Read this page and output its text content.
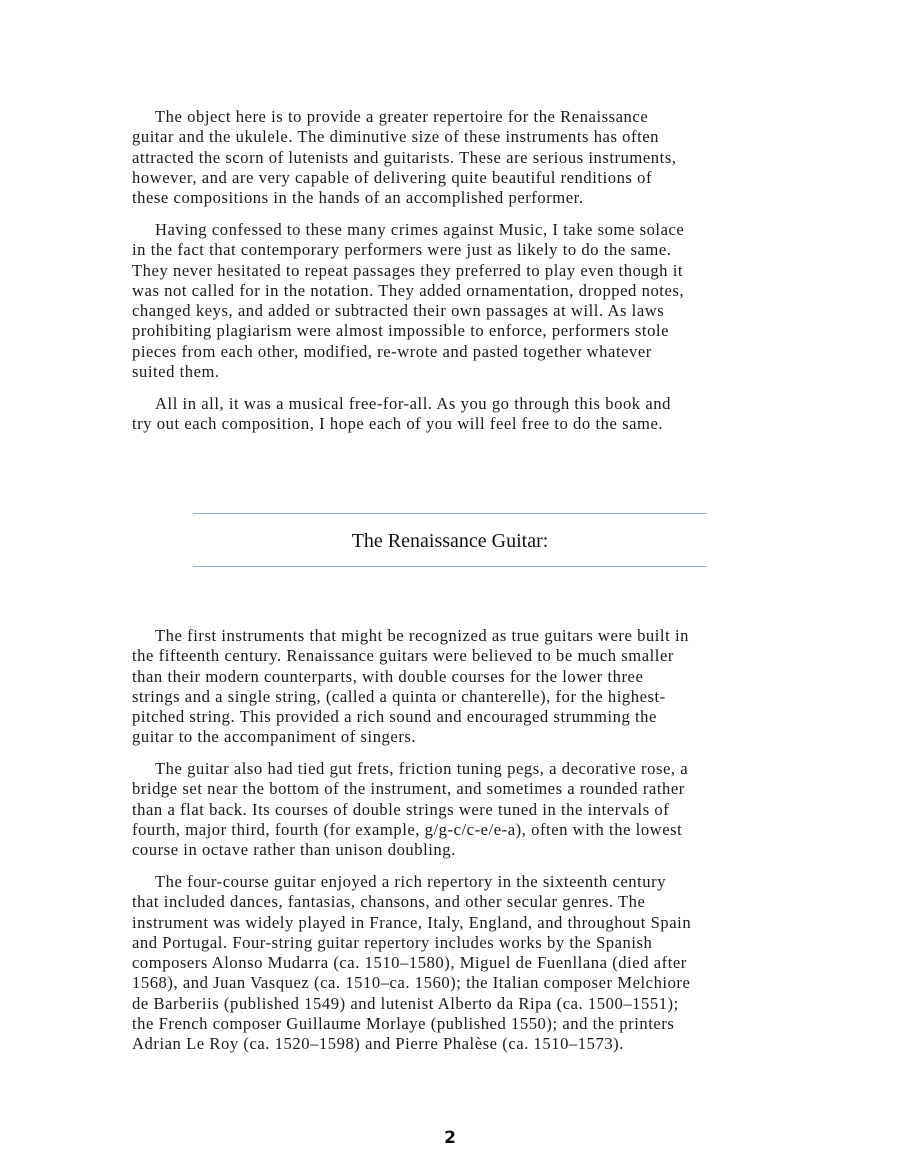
The object here is to provide a greater repertoire for the Renaissance
guitar and the ukulele. The diminutive size of these instruments has often
attracted the scorn of lutenists and guitarists. These are serious instruments,
however, and are very capable of delivering quite beautiful renditions of
these compositions in the hands of an accomplished performer.

Having confessed to these many crimes against Music, I take some solace
in the fact that contemporary performers were just as likely to do the same.
They never hesitated to repeat passages they preferred to play even though it
was not called for in the notation. They added ornamentation, dropped notes,
changed keys, and added or subtracted their own passages at will. As laws
prohibiting plagiarism were almost impossible to enforce, performers stole
pieces from each other, modified, re-wrote and pasted together whatever
suited them.

All in all, it was a musical free-for-all. As you go through this book and
try out each composition, I hope each of you will feel free to do the same.

The Renaissance Guitar:

The first instruments that might be recognized as true guitars were built in
the fifteenth century. Renaissance guitars were believed to be much smaller
than their modern counterparts, with double courses for the lower three
strings and a single string, (called a quinta or chanterelle), for the highest-
pitched string. This provided a rich sound and encouraged strumming the
guitar to the accompaniment of singers.

The guitar also had tied gut frets, friction tuning pegs, a decorative rose, a
bridge set near the bottom of the instrument, and sometimes a rounded rather
than a flat back. Its courses of double strings were tuned in the intervals of
fourth, major third, fourth (for example, g/g-c/c-e/e-a), often with the lowest
course in octave rather than unison doubling.

The four-course guitar enjoyed a rich repertory in the sixteenth century
that included dances, fantasias, chansons, and other secular genres. The
instrument was widely played in France, Italy, England, and throughout Spain
and Portugal. Four-string guitar repertory includes works by the Spanish
composers Alonso Mudarra (ca. 1510–1580), Miguel de Fuenllana (died after
1568), and Juan Vasquez (ca. 1510–ca. 1560); the Italian composer Melchiore
de Barberiis (published 1549) and lutenist Alberto da Ripa (ca. 1500–1551);
the French composer Guillaume Morlaye (published 1550); and the printers
Adrian Le Roy (ca. 1520–1598) and Pierre Phalèse (ca. 1510–1573).

2
